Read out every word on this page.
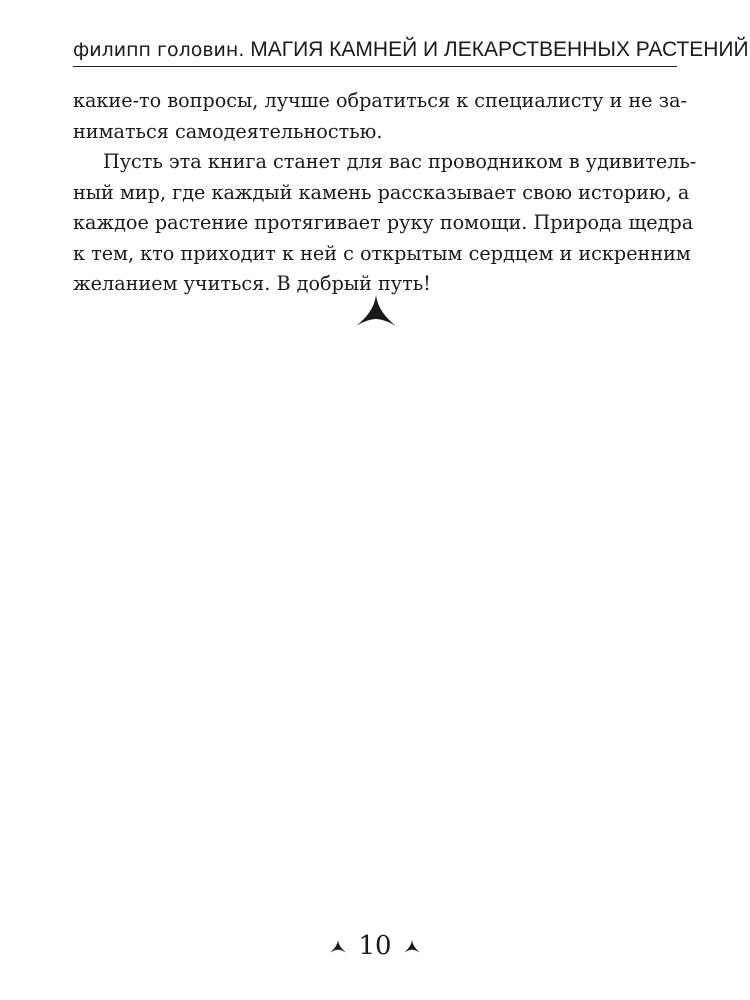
филипп головин. МАГИЯ КАМНЕЙ И ЛЕКАРСТВЕННЫХ РАСТЕНИЙ
какие-то вопросы, лучше обратиться к специалисту и не за-
ниматься самодеятельностью.
Пусть эта книга станет для вас проводником в удивитель-
ный мир, где каждый камень рассказывает свою историю, а
каждое растение протягивает руку помощи. Природа щедра
к тем, кто приходит к ней с открытым сердцем и искренним
желанием учиться. В добрый путь!
10
